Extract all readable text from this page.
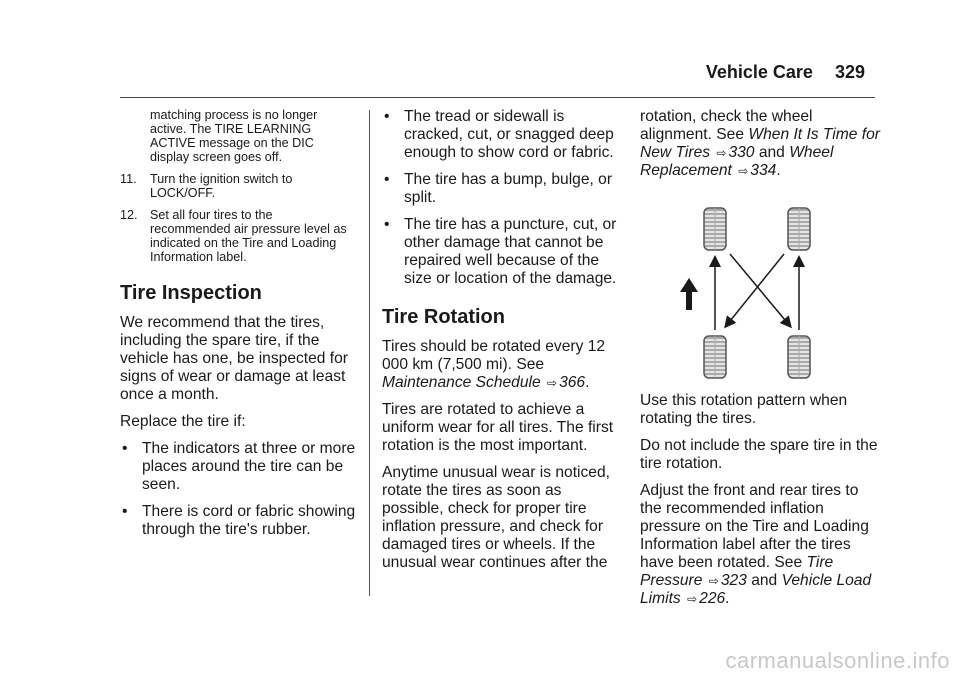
Vehicle Care 329

matching process is no longer active. The TIRE LEARNING ACTIVE message on the DIC display screen goes off.

11.	Turn the ignition switch to LOCK/OFF.
12. Set all four tires to the recommended air pressure level as indicated on the Tire and Loading Information label.
Tire Inspection

We recommend that the tires, including the spare tire, if the vehicle has one, be inspected for signs of wear or damage at least once a month.

Replace the tire if:

• The indicators at three or more places around the tire can be seen.
• There is cord or fabric showing through the tire's rubber.
• The tread or sidewall is cracked, cut, or snagged deep enough to show cord or fabric.
• The tire has a bump, bulge, or split.
• The tire has a puncture, cut, or other damage that cannot be repaired well because of the size or location of the damage.
Tire Rotation

Tires should be rotated every 12 000 km (7,500 mi). See Maintenance Schedule ⇨ 366.

Tires are rotated to achieve a uniform wear for all tires. The first rotation is the most important.

Anytime unusual wear is noticed, rotate the tires as soon as possible, check for proper tire inflation pressure, and check for damaged tires or wheels. If the unusual wear continues after the

rotation, check the wheel alignment. See When It Is Time for New Tires ⇨ 330 and Wheel Replacement ⇨ 334.

Use this rotation pattern when rotating the tires.

Do not include the spare tire in the tire rotation.

Adjust the front and rear tires to the recommended inflation pressure on the Tire and Loading Information label after the tires have been rotated. See Tire Pressure ⇨ 323 and Vehicle Load Limits ⇨ 226.

carmanualsonline.info
